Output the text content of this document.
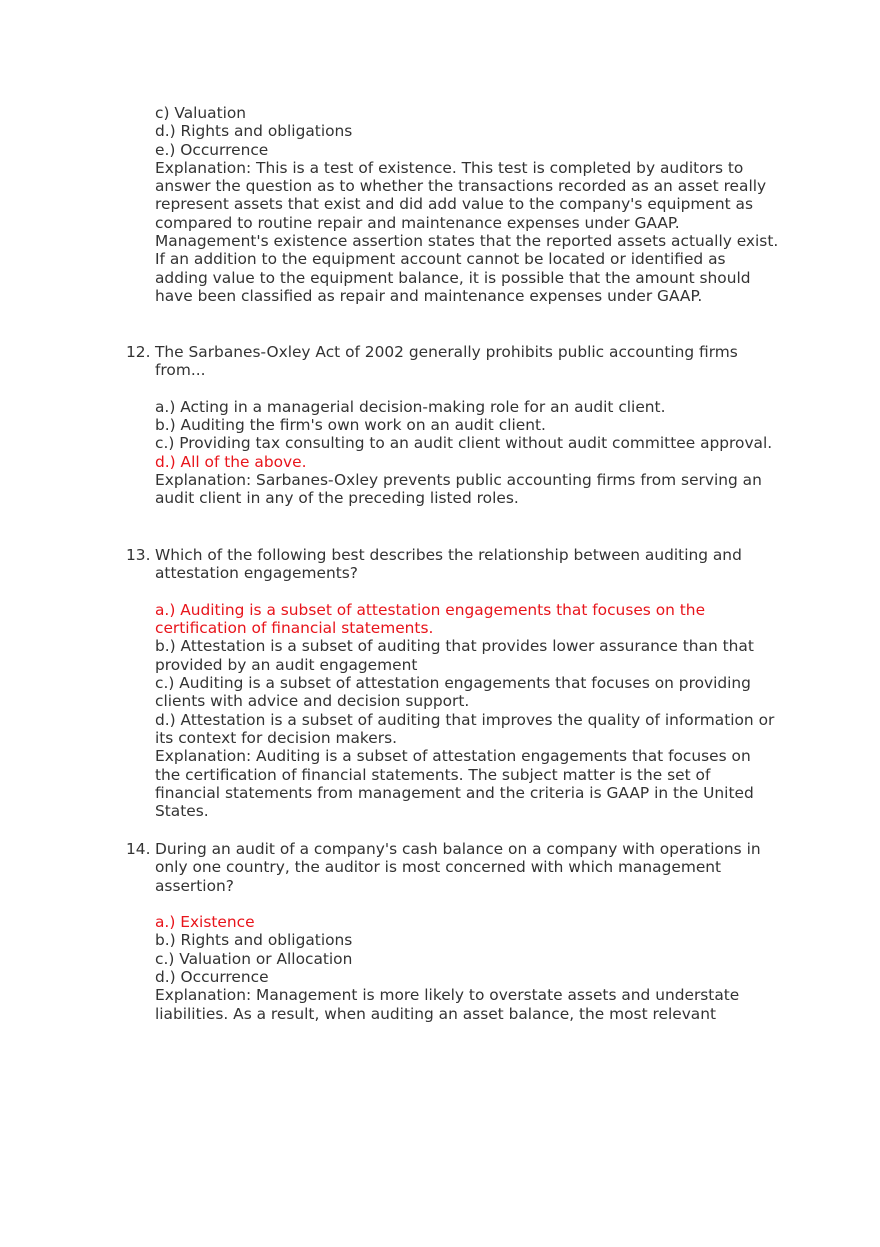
c) Valuation
d.) Rights and obligations
e.) Occurrence
Explanation: This is a test of existence. This test is completed by auditors to answer the question as to whether the transactions recorded as an asset really represent assets that exist and did add value to the company's equipment as compared to routine repair and maintenance expenses under GAAP. Management's existence assertion states that the reported assets actually exist. If an addition to the equipment account cannot be located or identified as adding value to the equipment balance, it is possible that the amount should have been classified as repair and maintenance expenses under GAAP.
12. The Sarbanes-Oxley Act of 2002 generally prohibits public accounting firms from...
a.) Acting in a managerial decision-making role for an audit client.
b.) Auditing the firm's own work on an audit client.
c.) Providing tax consulting to an audit client without audit committee approval.
d.) All of the above.
Explanation: Sarbanes-Oxley prevents public accounting firms from serving an audit client in any of the preceding listed roles.
13. Which of the following best describes the relationship between auditing and attestation engagements?
a.) Auditing is a subset of attestation engagements that focuses on the certification of financial statements.
b.) Attestation is a subset of auditing that provides lower assurance than that provided by an audit engagement
c.) Auditing is a subset of attestation engagements that focuses on providing clients with advice and decision support.
d.) Attestation is a subset of auditing that improves the quality of information or its context for decision makers.
Explanation: Auditing is a subset of attestation engagements that focuses on the certification of financial statements. The subject matter is the set of financial statements from management and the criteria is GAAP in the United States.
14. During an audit of a company's cash balance on a company with operations in only one country, the auditor is most concerned with which management assertion?
a.) Existence
b.) Rights and obligations
c.) Valuation or Allocation
d.) Occurrence
Explanation: Management is more likely to overstate assets and understate liabilities. As a result, when auditing an asset balance, the most relevant
